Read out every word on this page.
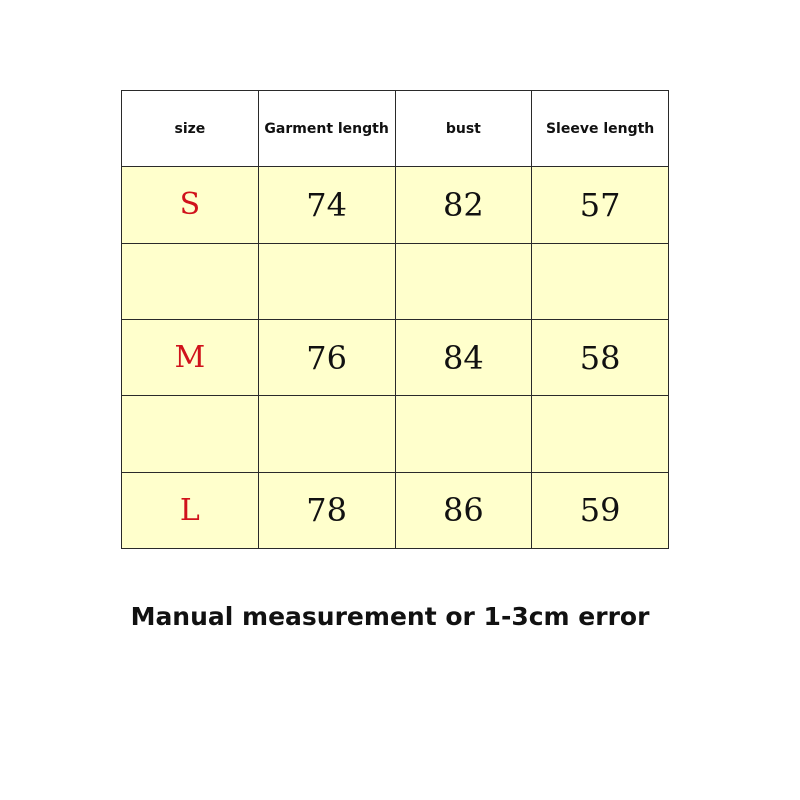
size	Garment length	bust	Sleeve length
S	74	82	57

M	76	84	58

L	78	86	59
Manual measurement or 1-3cm error
